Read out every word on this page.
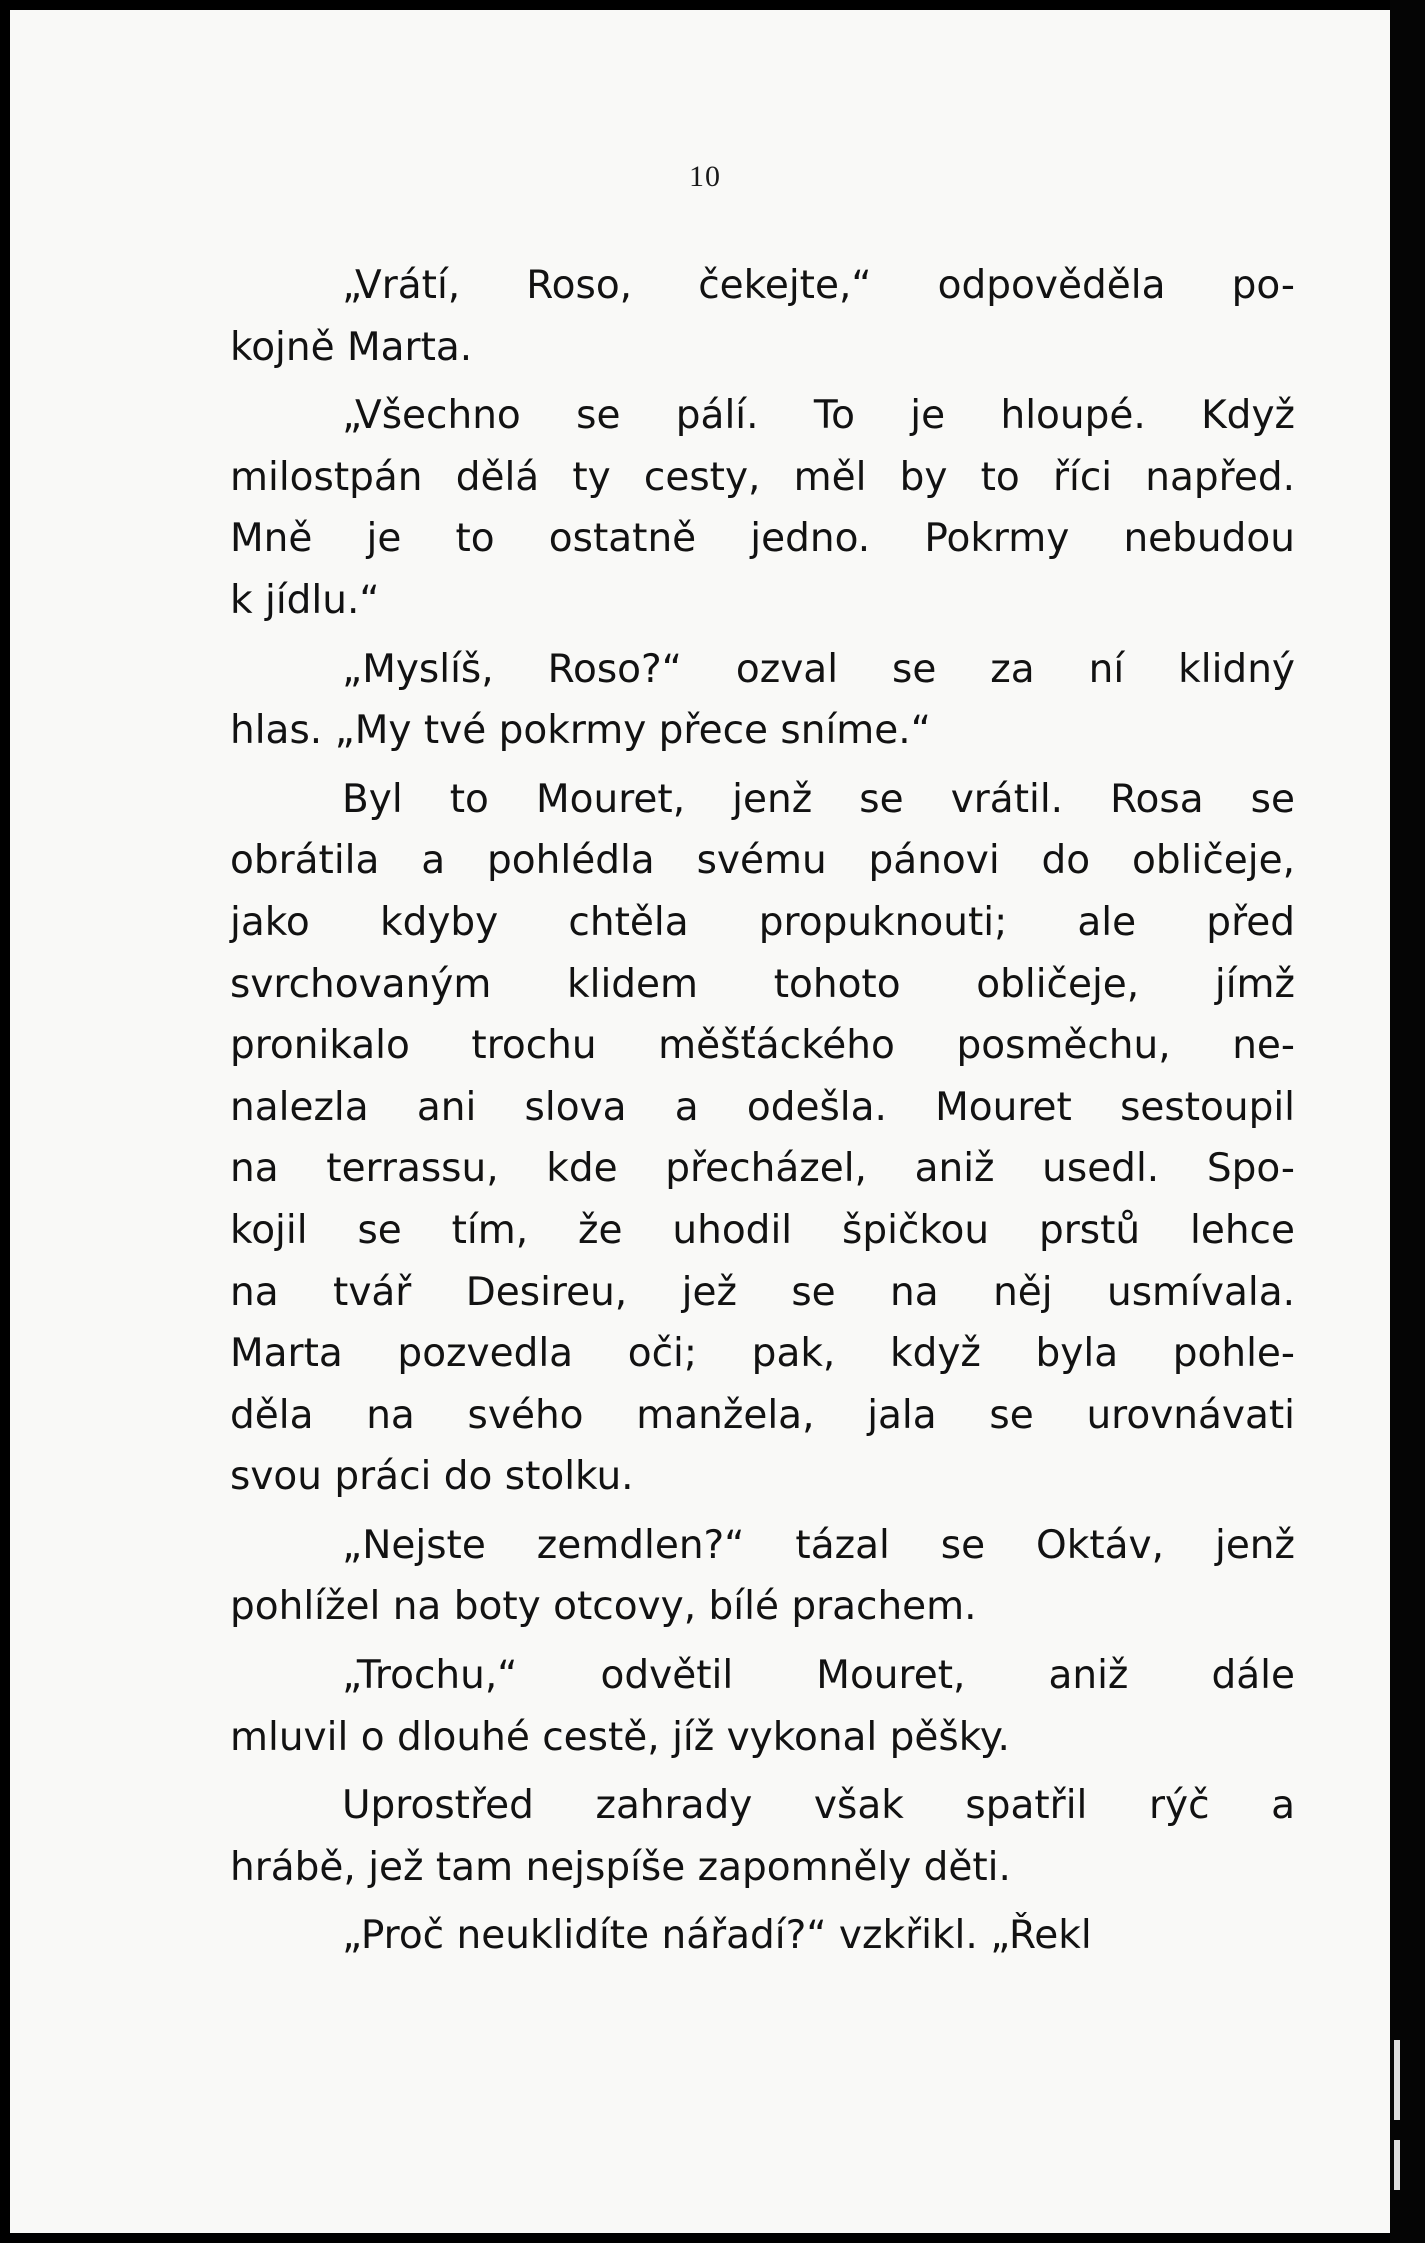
10
„Vrátí, Roso, čekejte,“ odpověděla po-
kojně Marta.
„Všechno se pálí. To je hloupé. Když
milostpán dělá ty cesty, měl by to říci napřed.
Mně je to ostatně jedno. Pokrmy nebudou
k jídlu.“
„Myslíš, Roso?“ ozval se za ní klidný
hlas. „My tvé pokrmy přece sníme.“
Byl to Mouret, jenž se vrátil. Rosa se
obrátila a pohlédla svému pánovi do obličeje,
jako kdyby chtěla propuknouti; ale před
svrchovaným klidem tohoto obličeje, jímž
pronikalo trochu měšťáckého posměchu, ne-
nalezla ani slova a odešla. Mouret sestoupil
na terrassu, kde přecházel, aniž usedl. Spo-
kojil se tím, že uhodil špičkou prstů lehce
na tvář Desireu, jež se na něj usmívala.
Marta pozvedla oči; pak, když byla pohle-
děla na svého manžela, jala se urovnávati
svou práci do stolku.
„Nejste zemdlen?“ tázal se Oktáv, jenž
pohlížel na boty otcovy, bílé prachem.
„Trochu,“ odvětil Mouret, aniž dále
mluvil o dlouhé cestě, jíž vykonal pěšky.
Uprostřed zahrady však spatřil rýč a
hrábě, jež tam nejspíše zapomněly děti.
„Proč neuklidíte nářadí?“ vzkřikl. „Řekl
